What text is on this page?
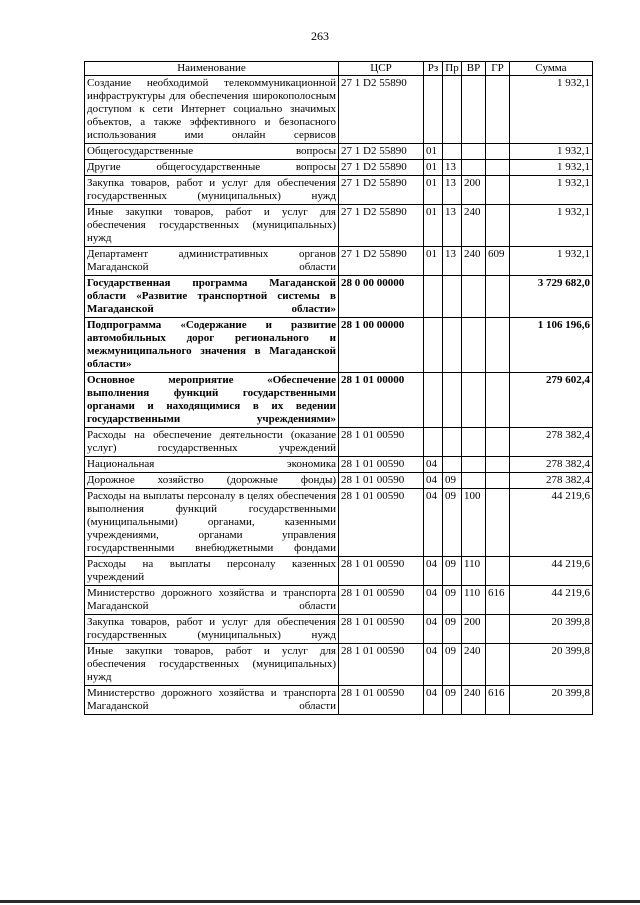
263
Наименование	ЦСР	Рз	Пр	ВР	ГР	Сумма
Создание необходимой телекоммуникационной инфраструктуры для обеспечения широкополосным доступом к сети Интернет социально значимых объектов, а также эффективного и безопасного использования ими онлайн сервисов	27 1 D2 55890					1 932,1
Общегосударственные вопросы	27 1 D2 55890	01				1 932,1
Другие общегосударственные вопросы	27 1 D2 55890	01	13			1 932,1
Закупка товаров, работ и услуг для обеспечения государственных (муниципальных) нужд	27 1 D2 55890	01	13	200		1 932,1
Иные закупки товаров, работ и услуг для обеспечения государственных (муниципальных) нужд	27 1 D2 55890	01	13	240		1 932,1
Департамент административных органов Магаданской области	27 1 D2 55890	01	13	240	609	1 932,1
Государственная программа Магаданской области «Развитие транспортной системы в Магаданской области»	28 0 00 00000					3 729 682,0
Подпрограмма «Содержание и развитие автомобильных дорог регионального и межмуниципального значения в Магаданской области»	28 1 00 00000					1 106 196,6
Основное мероприятие «Обеспечение выполнения функций государственными органами и находящимися в их ведении государственными учреждениями»	28 1 01 00000					279 602,4
Расходы на обеспечение деятельности (оказание услуг) государственных учреждений	28 1 01 00590					278 382,4
Национальная экономика	28 1 01 00590	04				278 382,4
Дорожное хозяйство (дорожные фонды)	28 1 01 00590	04	09			278 382,4
Расходы на выплаты персоналу в целях обеспечения выполнения функций государственными (муниципальными) органами, казенными учреждениями, органами управления государственными внебюджетными фондами	28 1 01 00590	04	09	100		44 219,6
Расходы на выплаты персоналу казенных учреждений	28 1 01 00590	04	09	110		44 219,6
Министерство дорожного хозяйства и транспорта Магаданской области	28 1 01 00590	04	09	110	616	44 219,6
Закупка товаров, работ и услуг для обеспечения государственных (муниципальных) нужд	28 1 01 00590	04	09	200		20 399,8
Иные закупки товаров, работ и услуг для обеспечения государственных (муниципальных) нужд	28 1 01 00590	04	09	240		20 399,8
Министерство дорожного хозяйства и транспорта Магаданской области	28 1 01 00590	04	09	240	616	20 399,8
